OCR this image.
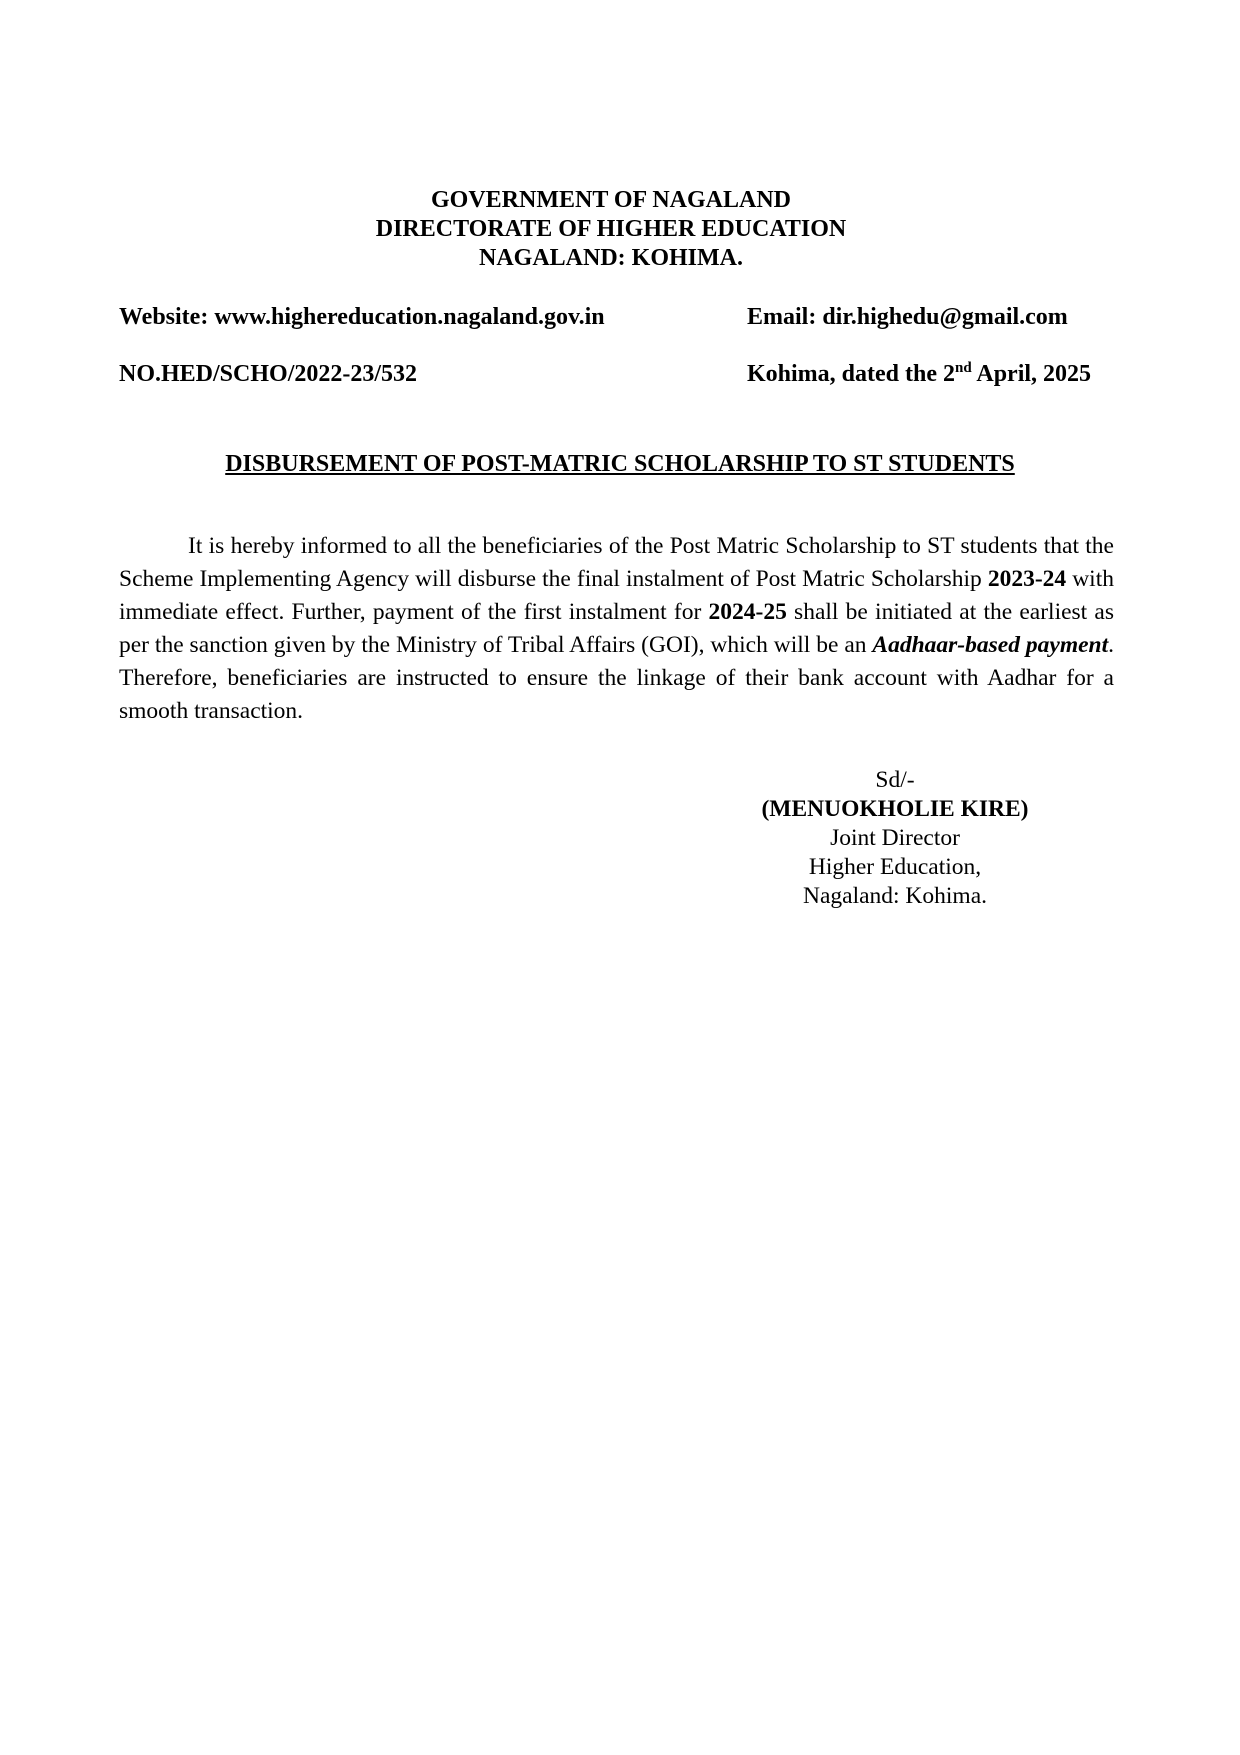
GOVERNMENT OF NAGALAND
DIRECTORATE OF HIGHER EDUCATION
NAGALAND: KOHIMA.
Website: www.highereducation.nagaland.gov.in	Email: dir.highedu@gmail.com
NO.HED/SCHO/2022-23/532	Kohima, dated the 2nd April, 2025
DISBURSEMENT OF POST-MATRIC SCHOLARSHIP TO ST STUDENTS

It is hereby informed to all the beneficiaries of the Post Matric Scholarship to ST students that the Scheme Implementing Agency will disburse the final instalment of Post Matric Scholarship 2023-24 with immediate effect. Further, payment of the first instalment for 2024-25 shall be initiated at the earliest as per the sanction given by the Ministry of Tribal Affairs (GOI), which will be an Aadhaar-based payment. Therefore, beneficiaries are instructed to ensure the linkage of their bank account with Aadhar for a smooth transaction.

Sd/-
(MENUOKHOLIE KIRE)
Joint Director
Higher Education,
Nagaland: Kohima.
